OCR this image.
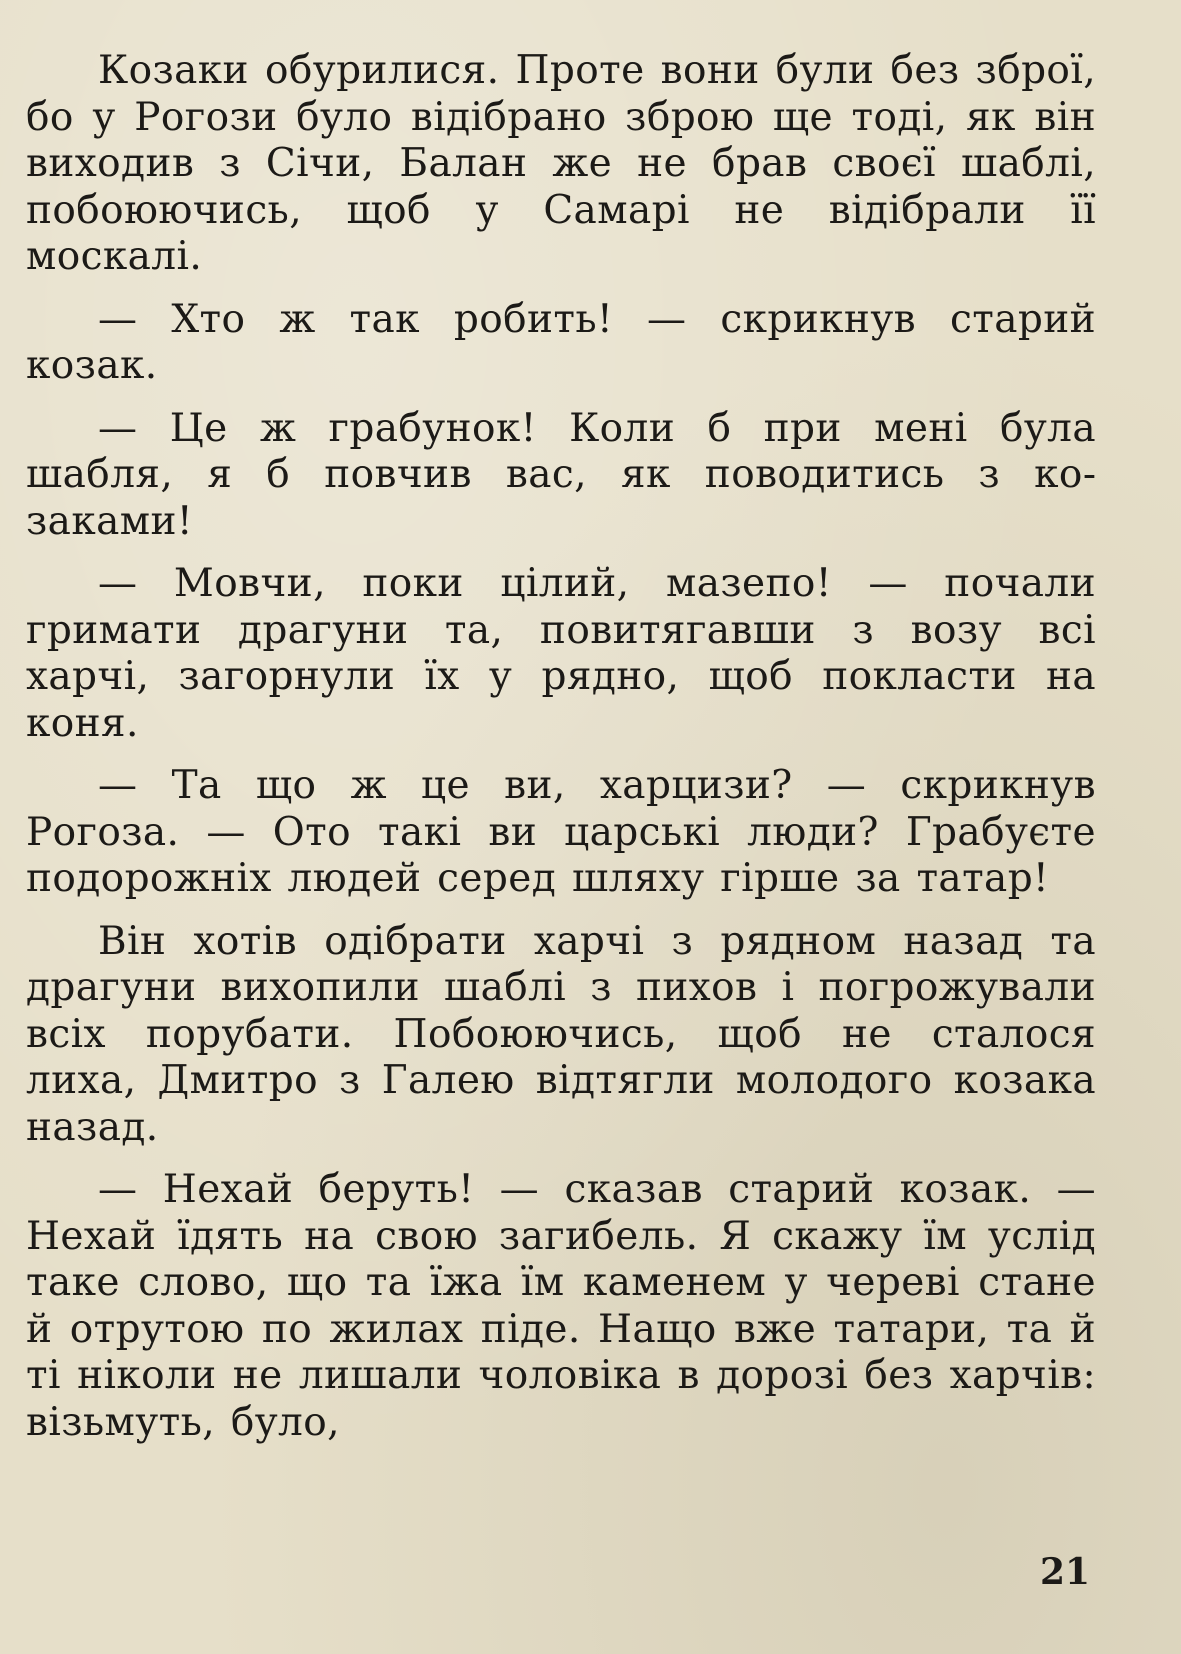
Козаки обурилися. Проте вони були без зброї, бо у Рогози було відібрано зброю ще тоді, як він виходив з Січи, Балан же не брав своєї шаблі, побоюючись, щоб у Самарі не відібрали її москалі.

— Хто ж так робить! — скрикнув старий козак.

— Це ж грабунок! Коли б при мені була шабля, я б повчив вас, як поводитись з козаками!

— Мовчи, поки цілий, мазепо! — почали гримати драгуни та, повитягавши з возу всі харчі, загорнули їх у рядно, щоб покласти на коня.

— Та що ж це ви, харцизи? — скрикнув Рогоза. — Ото такі ви царські люди? Грабуєте подорожніх людей серед шляху гірше за татар!

Він хотів одібрати харчі з рядном назад та драгуни вихопили шаблі з пихов і погрожували всіх порубати. Побоюючись, щоб не сталося лиха, Дмитро з Галею відтягли молодого козака назад.

— Нехай беруть! — сказав старий козак. — Нехай їдять на свою загибель. Я скажу їм услід таке слово, що та їжа їм каменем у череві стане й отрутою по жилах піде. Нащо вже татари, та й ті ніколи не лишали чоловіка в дорозі без харчів: візьмуть, було,

21
